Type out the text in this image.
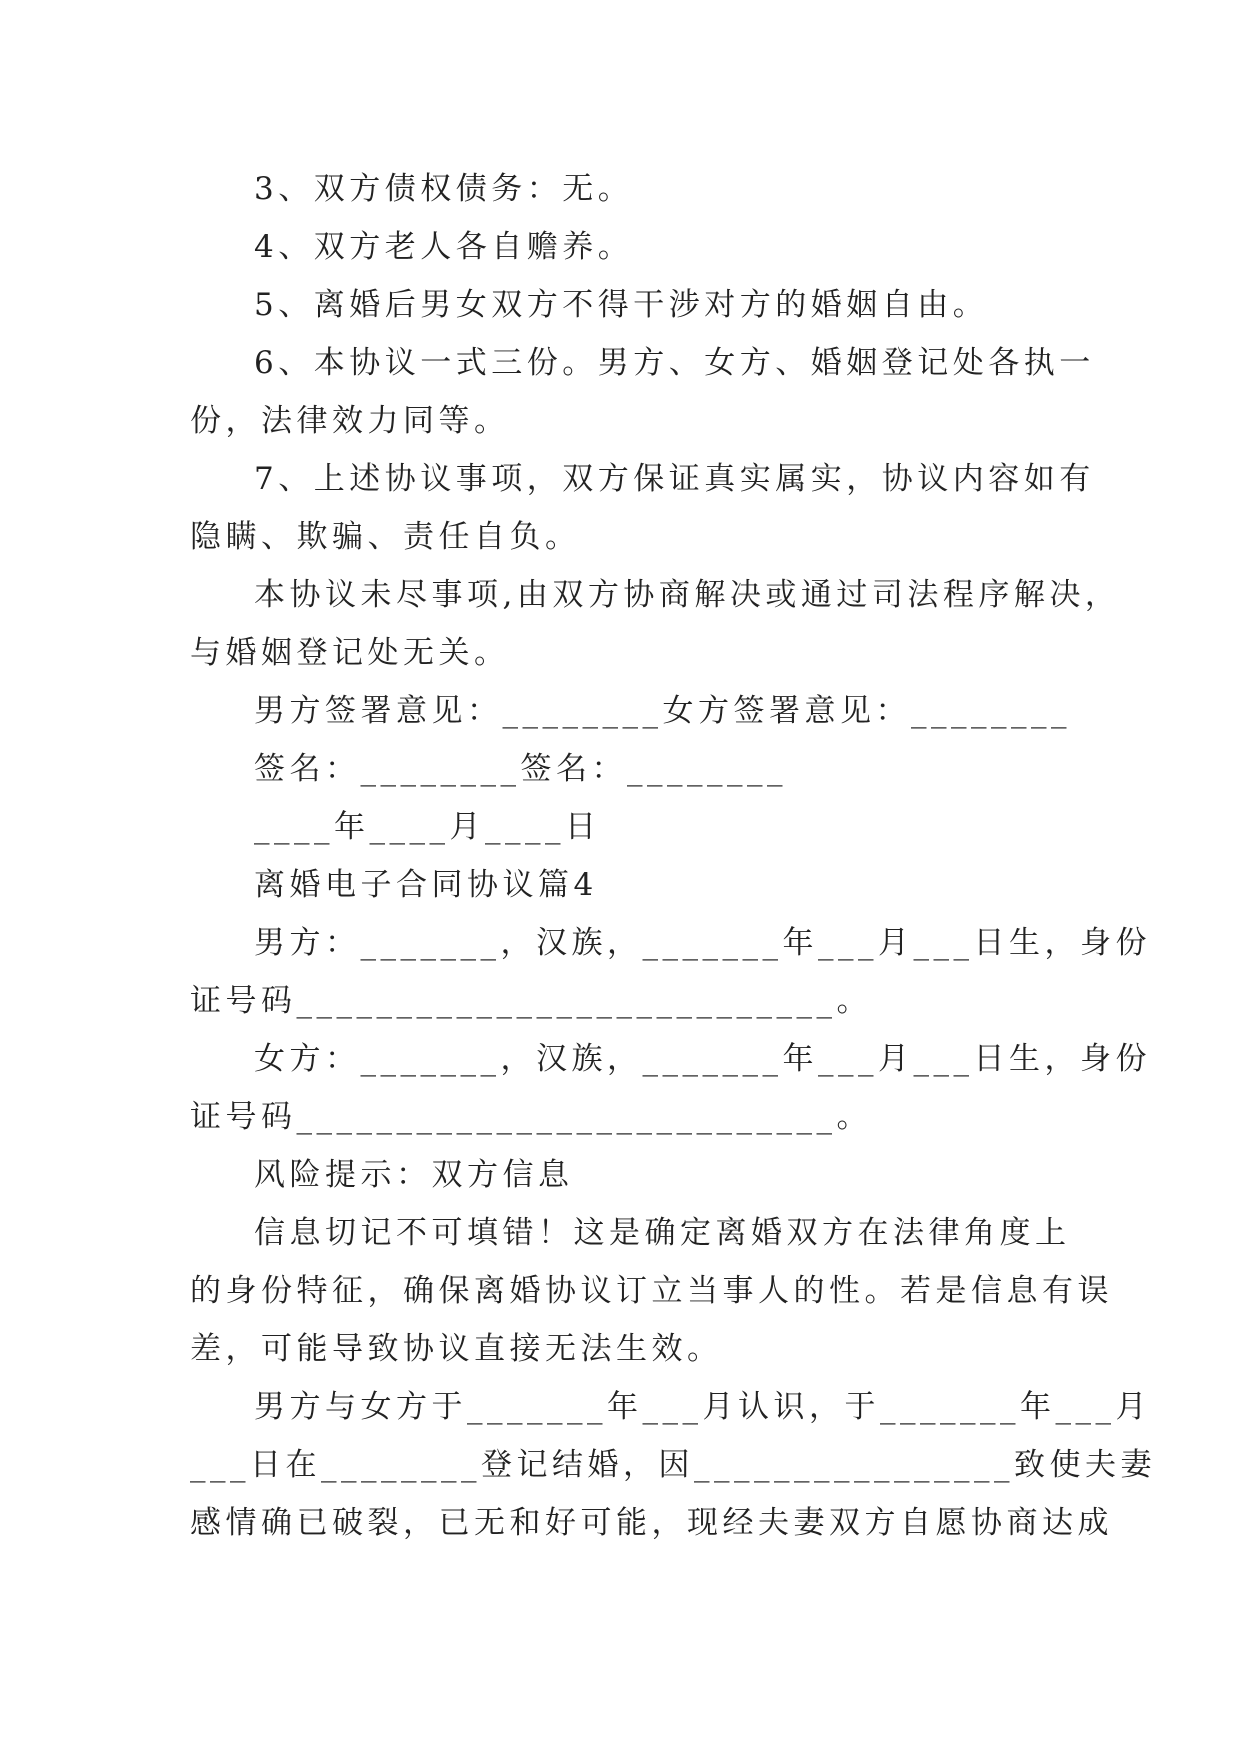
3、双方债权债务：无。
4、双方老人各自赡养。
5、离婚后男女双方不得干涉对方的婚姻自由。
6、本协议一式三份。男方、女方、婚姻登记处各执一
份，法律效力同等。
7、上述协议事项，双方保证真实属实，协议内容如有
隐瞒、欺骗、责任自负。
本协议未尽事项,由双方协商解决或通过司法程序解决，
与婚姻登记处无关。
男方签署意见：________女方签署意见：________
签名：________签名：________
____年____月____日
离婚电子合同协议篇4
男方：_______，汉族，_______年___月___日生，身份
证号码___________________________。
女方：_______，汉族，_______年___月___日生，身份
证号码___________________________。
风险提示：双方信息
信息切记不可填错！这是确定离婚双方在法律角度上
的身份特征，确保离婚协议订立当事人的性。若是信息有误
差，可能导致协议直接无法生效。
男方与女方于_______年___月认识，于_______年___月
___日在________登记结婚，因________________致使夫妻
感情确已破裂，已无和好可能，现经夫妻双方自愿协商达成
